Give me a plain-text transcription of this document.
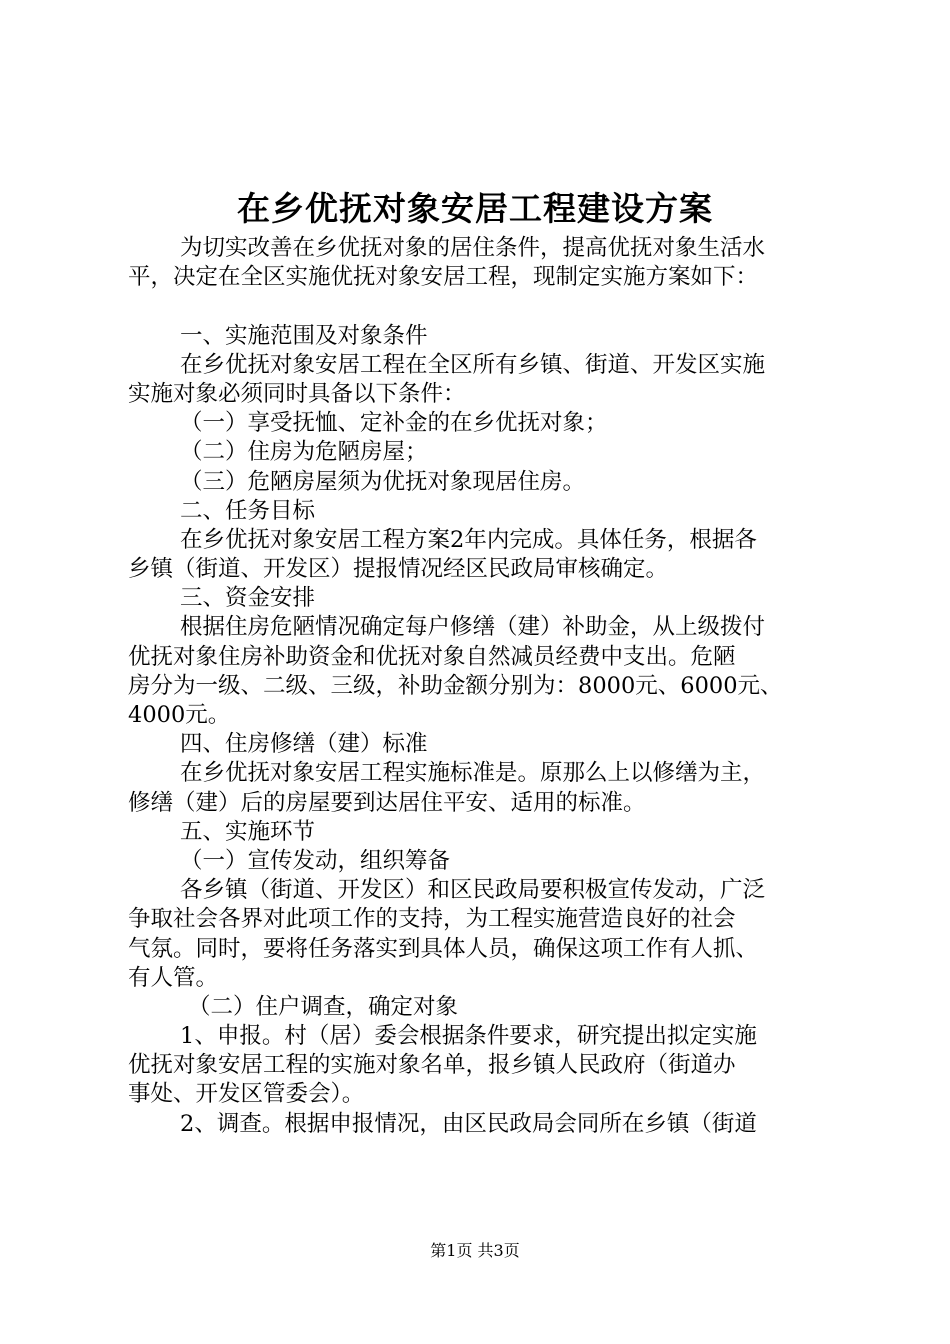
在乡优抚对象安居工程建设方案
为切实改善在乡优抚对象的居住条件，提高优抚对象生活水
平，决定在全区实施优抚对象安居工程，现制定实施方案如下：
一、实施范围及对象条件
在乡优抚对象安居工程在全区所有乡镇、街道、开发区实施
实施对象必须同时具备以下条件：
（一）享受抚恤、定补金的在乡优抚对象；
（二）住房为危陋房屋；
（三）危陋房屋须为优抚对象现居住房。
二、任务目标
在乡优抚对象安居工程方案2年内完成。具体任务，根据各
乡镇（街道、开发区）提报情况经区民政局审核确定。
三、资金安排
根据住房危陋情况确定每户修缮（建）补助金，从上级拨付
优抚对象住房补助资金和优抚对象自然减员经费中支出。危陋
房分为一级、二级、三级，补助金额分别为：8000元、6000元、
4000元。
四、住房修缮（建）标准
在乡优抚对象安居工程实施标准是。原那么上以修缮为主，
修缮（建）后的房屋要到达居住平安、适用的标准。
五、实施环节
（一）宣传发动，组织筹备
各乡镇（街道、开发区）和区民政局要积极宣传发动，广泛
争取社会各界对此项工作的支持，为工程实施营造良好的社会
气氛。同时，要将任务落实到具体人员，确保这项工作有人抓、
有人管。
（二）住户调查，确定对象
1、申报。村（居）委会根据条件要求，研究提出拟定实施
优抚对象安居工程的实施对象名单，报乡镇人民政府（街道办
事处、开发区管委会）。
2、调查。根据申报情况，由区民政局会同所在乡镇（街道
第1页 共3页
